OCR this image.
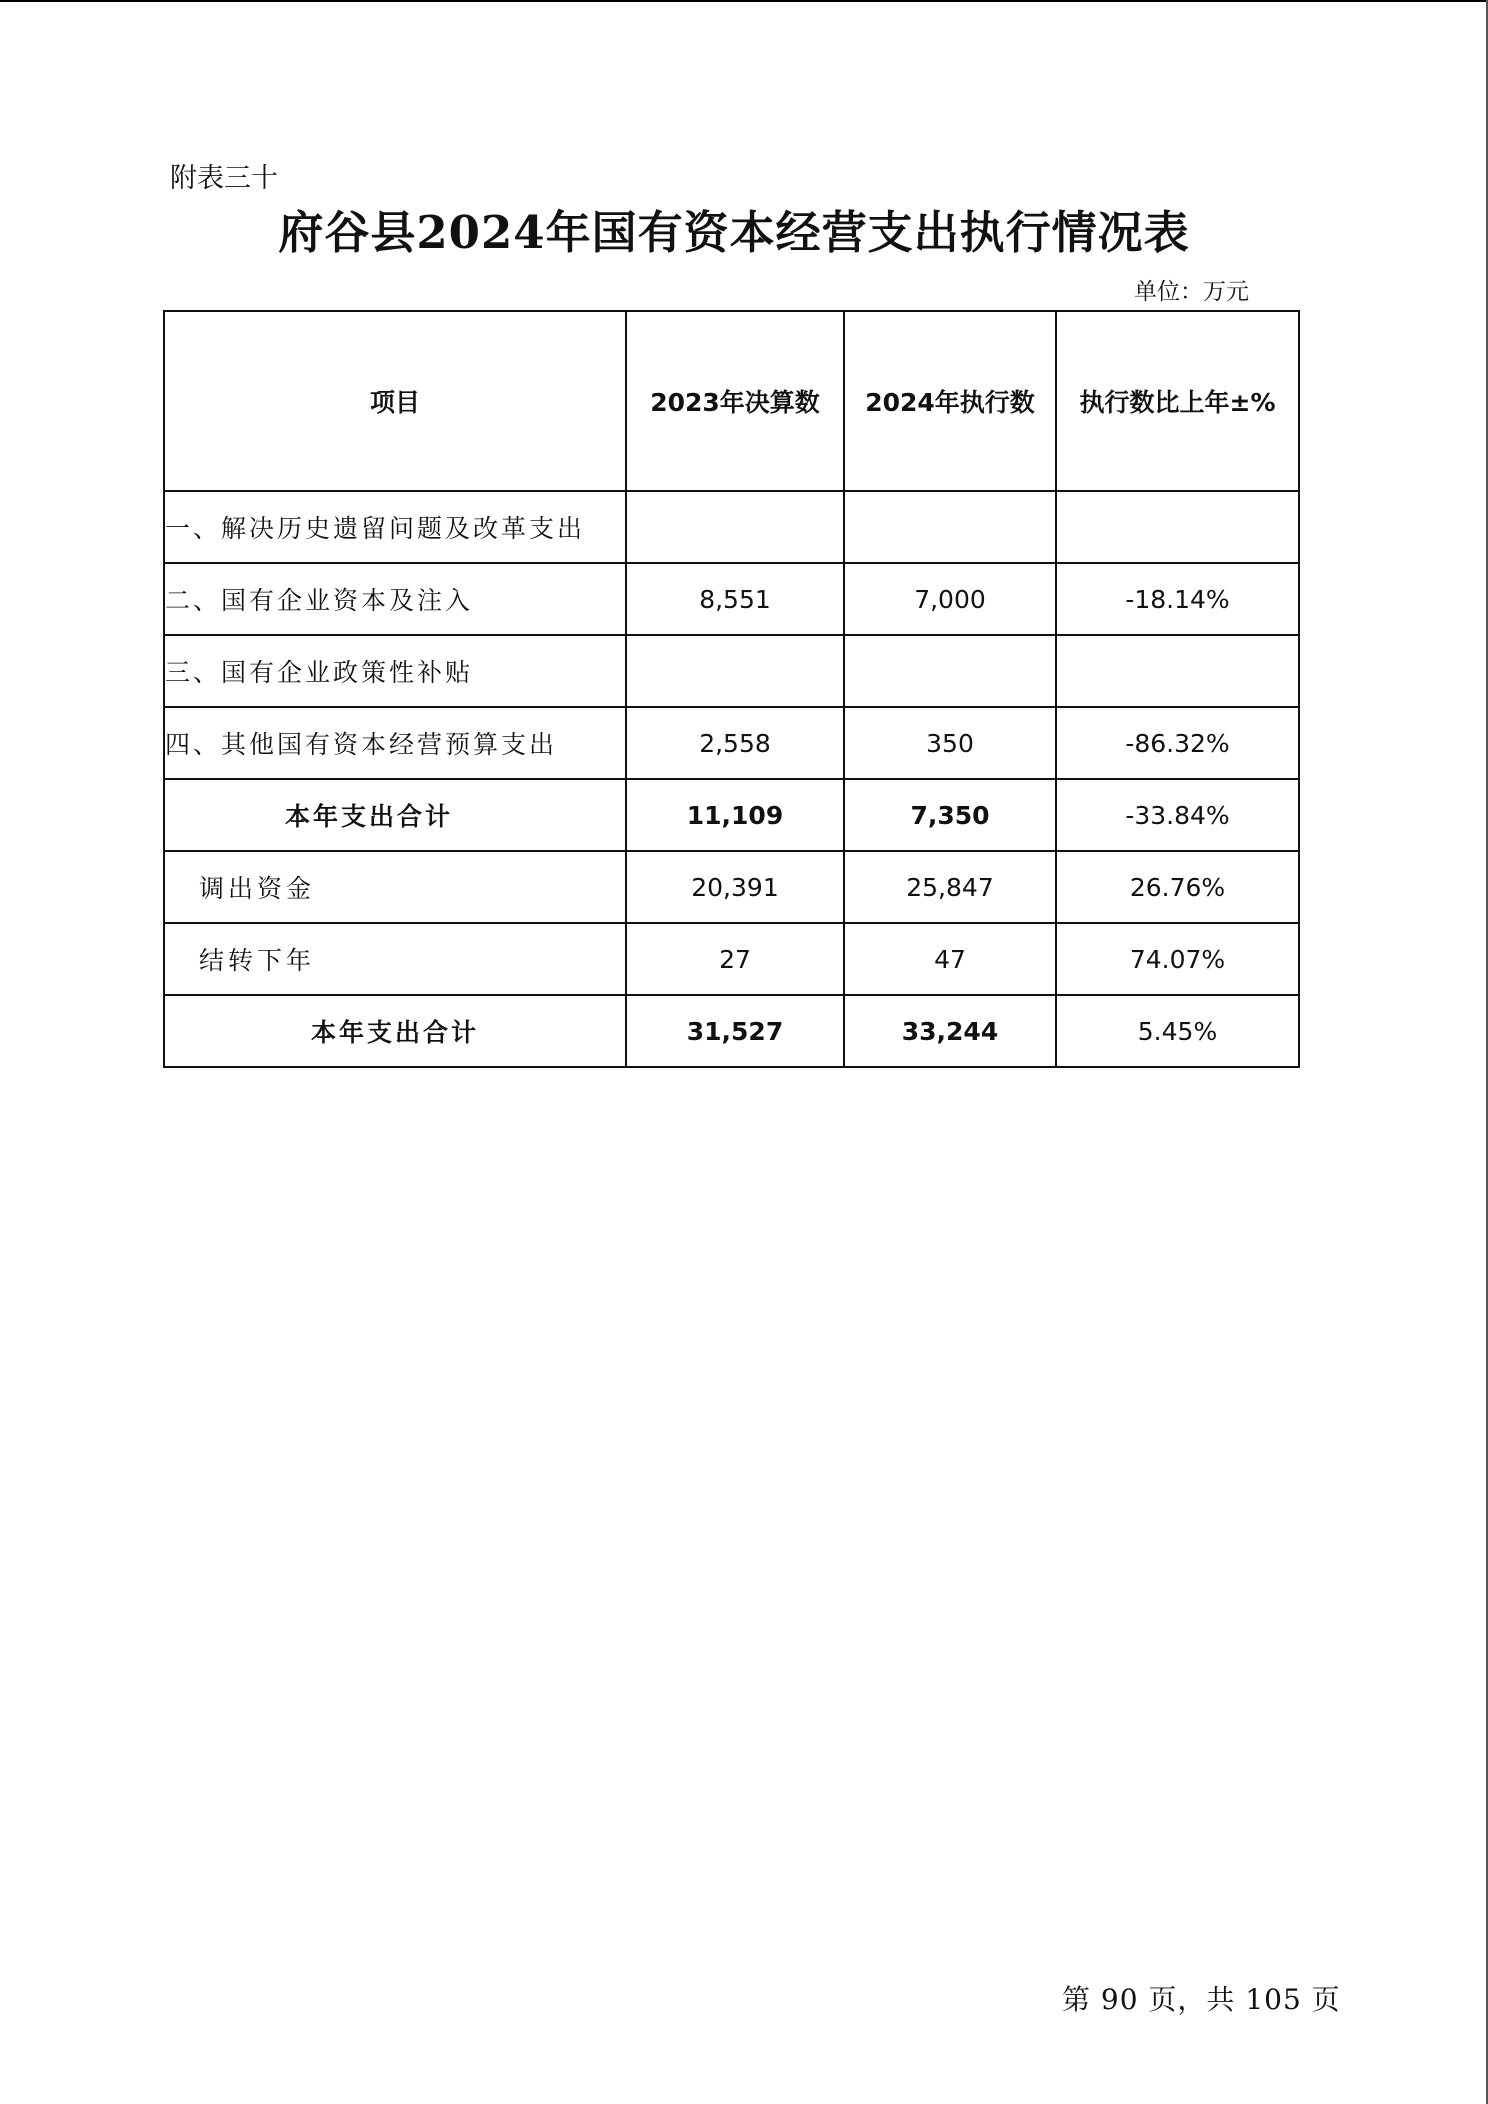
附表三十
府谷县2024年国有资本经营支出执行情况表
单位：万元
项目	2023年决算数	2024年执行数	执行数比上年±%
一、解决历史遗留问题及改革支出			
二、国有企业资本及注入	8,551	7,000	-18.14%
三、国有企业政策性补贴			
四、其他国有资本经营预算支出	2,558	350	-86.32%
本年支出合计	11,109	7,350	-33.84%
调出资金	20,391	25,847	26.76%
结转下年	27	47	74.07%
本年支出合计	31,527	33,244	5.45%
第 90 页，共 105 页
